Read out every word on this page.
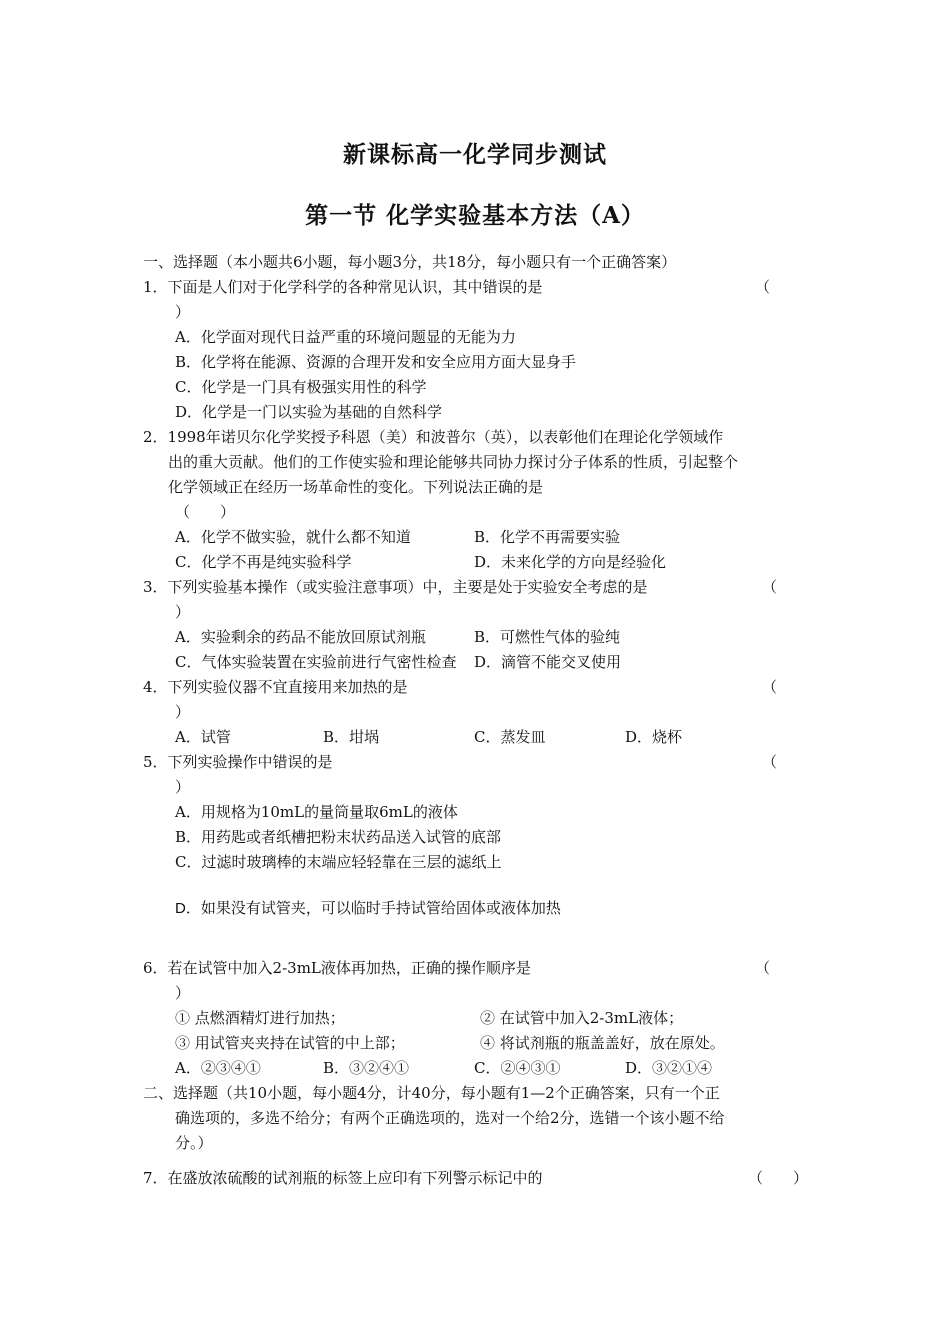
新课标高一化学同步测试
第一节 化学实验基本方法（A）
一、选择题（本小题共6小题，每小题3分，共18分，每小题只有一个正确答案）
1．下面是人们对于化学科学的各种常见认识，其中错误的是	（
）
A．化学面对现代日益严重的环境问题显的无能为力
B．化学将在能源、资源的合理开发和安全应用方面大显身手
C．化学是一门具有极强实用性的科学
D．化学是一门以实验为基础的自然科学
2．1998年诺贝尔化学奖授予科恩（美）和波普尔（英），以表彰他们在理论化学领域作
出的重大贡献。他们的工作使实验和理论能够共同协力探讨分子体系的性质，引起整个
化学领域正在经历一场革命性的变化。下列说法正确的是
（　　）
A．化学不做实验，就什么都不知道	B．化学不再需要实验
C．化学不再是纯实验科学	D．未来化学的方向是经验化
3．下列实验基本操作（或实验注意事项）中，主要是处于实验安全考虑的是	（
）
A．实验剩余的药品不能放回原试剂瓶	B．可燃性气体的验纯
C．气体实验装置在实验前进行气密性检查 D．滴管不能交叉使用
4．下列实验仪器不宜直接用来加热的是	（
）
A．试管	B．坩埚	C．蒸发皿	D．烧杯
5．下列实验操作中错误的是	（
）
A．用规格为10mL的量筒量取6mL的液体
B．用药匙或者纸槽把粉末状药品送入试管的底部
C．过滤时玻璃棒的末端应轻轻靠在三层的滤纸上
D．如果没有试管夹，可以临时手持试管给固体或液体加热
6．若在试管中加入2-3mL液体再加热，正确的操作顺序是	（
）
① 点燃酒精灯进行加热；	② 在试管中加入2-3mL液体；
③ 用试管夹夹持在试管的中上部；	④ 将试剂瓶的瓶盖盖好，放在原处。
A．②③④①	B．③②④①	C．②④③①	D．③②①④
二、选择题（共10小题，每小题4分，计40分，每小题有1—2个正确答案，只有一个正
确选项的，多选不给分；有两个正确选项的，选对一个给2分，选错一个该小题不给
分。）
7．在盛放浓硫酸的试剂瓶的标签上应印有下列警示标记中的	（　　）
